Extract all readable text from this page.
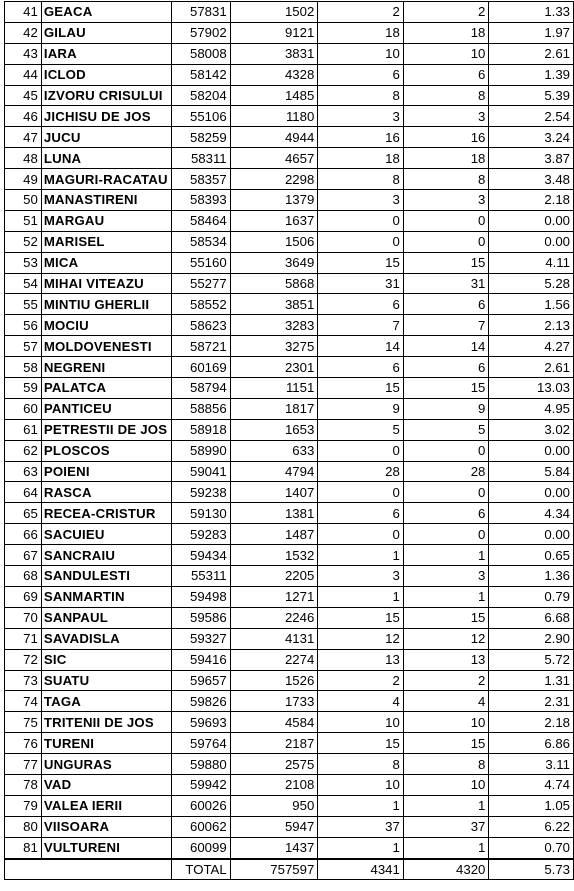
41	GEACA	57831	1502	2	2	1.33
42	GILAU	57902	9121	18	18	1.97
43	IARA	58008	3831	10	10	2.61
44	ICLOD	58142	4328	6	6	1.39
45	IZVORU CRISULUI	58204	1485	8	8	5.39
46	JICHISU DE JOS	55106	1180	3	3	2.54
47	JUCU	58259	4944	16	16	3.24
48	LUNA	58311	4657	18	18	3.87
49	MAGURI-RACATAU	58357	2298	8	8	3.48
50	MANASTIRENI	58393	1379	3	3	2.18
51	MARGAU	58464	1637	0	0	0.00
52	MARISEL	58534	1506	0	0	0.00
53	MICA	55160	3649	15	15	4.11
54	MIHAI VITEAZU	55277	5868	31	31	5.28
55	MINTIU GHERLII	58552	3851	6	6	1.56
56	MOCIU	58623	3283	7	7	2.13
57	MOLDOVENESTI	58721	3275	14	14	4.27
58	NEGRENI	60169	2301	6	6	2.61
59	PALATCA	58794	1151	15	15	13.03
60	PANTICEU	58856	1817	9	9	4.95
61	PETRESTII DE JOS	58918	1653	5	5	3.02
62	PLOSCOS	58990	633	0	0	0.00
63	POIENI	59041	4794	28	28	5.84
64	RASCA	59238	1407	0	0	0.00
65	RECEA-CRISTUR	59130	1381	6	6	4.34
66	SACUIEU	59283	1487	0	0	0.00
67	SANCRAIU	59434	1532	1	1	0.65
68	SANDULESTI	55311	2205	3	3	1.36
69	SANMARTIN	59498	1271	1	1	0.79
70	SANPAUL	59586	2246	15	15	6.68
71	SAVADISLA	59327	4131	12	12	2.90
72	SIC	59416	2274	13	13	5.72
73	SUATU	59657	1526	2	2	1.31
74	TAGA	59826	1733	4	4	2.31
75	TRITENII DE JOS	59693	4584	10	10	2.18
76	TURENI	59764	2187	15	15	6.86
77	UNGURAS	59880	2575	8	8	3.11
78	VAD	59942	2108	10	10	4.74
79	VALEA IERII	60026	950	1	1	1.05
80	VIISOARA	60062	5947	37	37	6.22
81	VULTURENI	60099	1437	1	1	0.70
		TOTAL	757597	4341	4320	5.73
